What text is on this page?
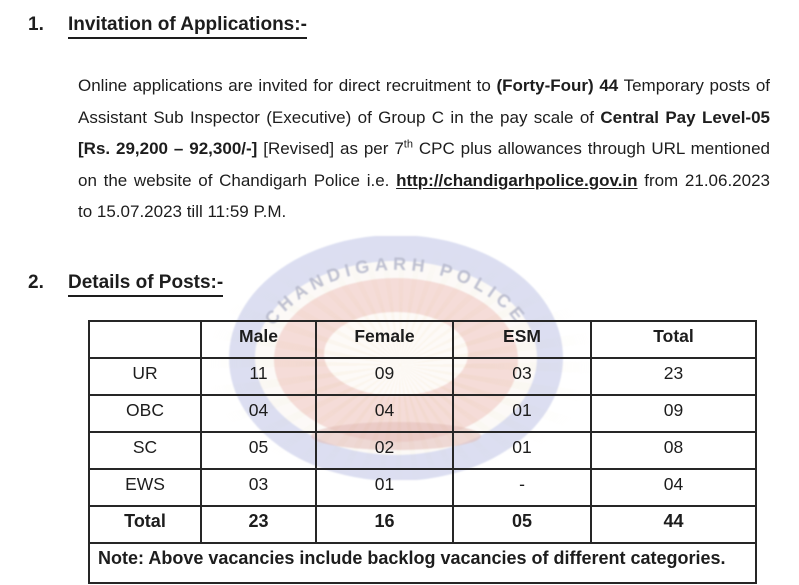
CHANDIGARH POLICE
1.	Invitation of Applications:-

Online applications are invited for direct recruitment to (Forty-Four) 44 Temporary posts of Assistant Sub Inspector (Executive) of Group C in the pay scale of Central Pay Level-05 [Rs. 29,200 – 92,300/-] [Revised] as per 7th CPC plus allowances through URL mentioned on the website of Chandigarh Police i.e. http://chandigarhpolice.gov.in from 21.06.2023 to 15.07.2023 till 11:59 P.M.

2.	Details of Posts:-
	Male	Female	ESM	Total
UR	11	09	03	23
OBC	04	04	01	09
SC	05	02	01	08
EWS	03	01	-	04
Total	23	16	05	44
Note: Above vacancies include backlog vacancies of different categories.				
